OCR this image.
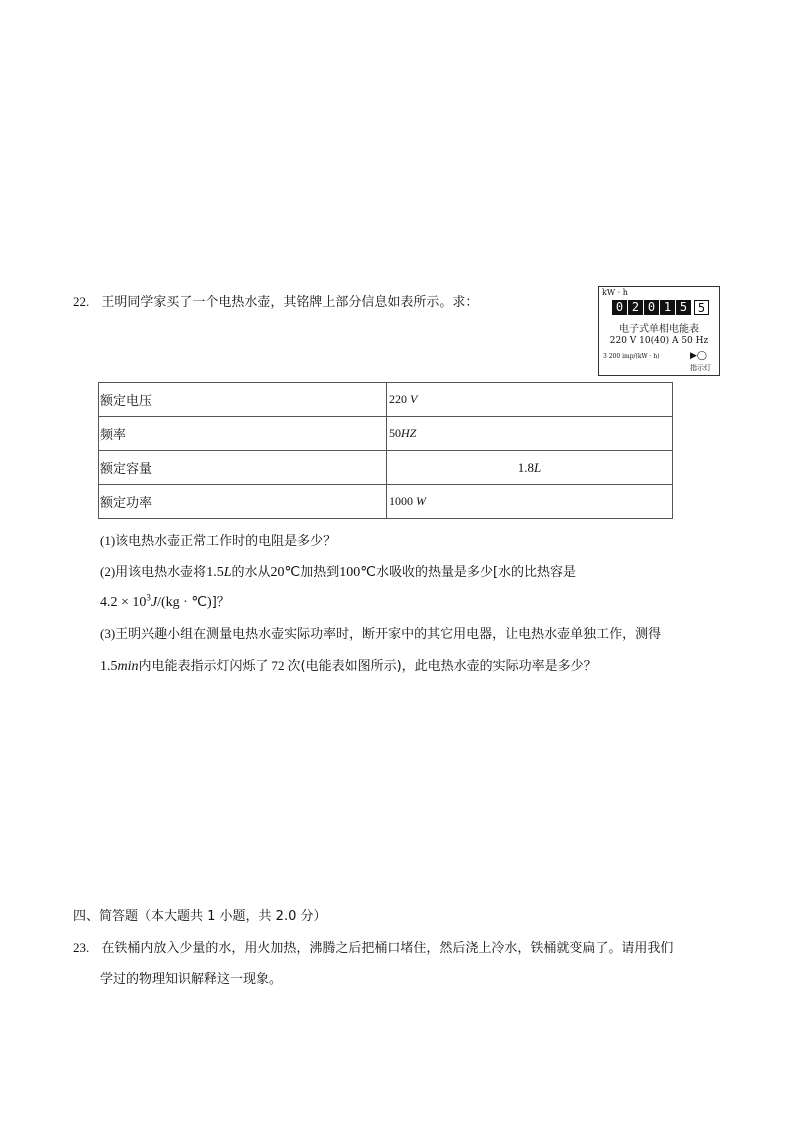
22. 王明同学家买了一个电热水壶，其铭牌上部分信息如表所示。求：
kW · h
0 2 0 1 5 5
电子式单相电能表
220 V 10(40) A 50 Hz
3 200 imp/(kW · h)	▶◯
指示灯
额定电压	220 V
频率	50HZ
额定容量	1.8L
额定功率	1000 W
(1)该电热水壶正常工作时的电阻是多少？
(2)用该电热水壶将1.5L的水从20℃加热到100℃水吸收的热量是多少[水的比热容是
$4.2 \times 10^3J/(kg$ · ℃)]？
(3)王明兴趣小组在测量电热水壶实际功率时，断开家中的其它用电器，让电热水壶单独工作，测得
1.5min内电能表指示灯闪烁了 72 次(电能表如图所示)，此电热水壶的实际功率是多少？
四、简答题（本大题共 1 小题，共 2.0 分）
23. 在铁桶内放入少量的水，用火加热，沸腾之后把桶口堵住，然后浇上冷水，铁桶就变扁了。请用我们
学过的物理知识解释这一现象。
